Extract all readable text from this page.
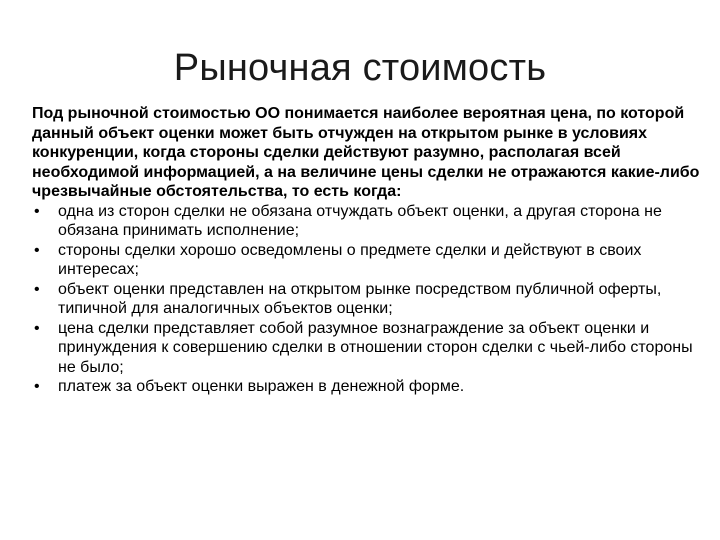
Рыночная стоимость

Под рыночной стоимостью ОО понимается наиболее вероятная цена, по которой данный объект оценки может быть отчужден на открытом рынке в условиях конкуренции, когда стороны сделки действуют разумно, располагая всей необходимой информацией, а на величине цены сделки не отражаются какие-либо чрезвычайные обстоятельства, то есть когда:

•	одна из сторон сделки не обязана отчуждать объект оценки, а другая сторона не обязана принимать исполнение;
•	стороны сделки хорошо осведомлены о предмете сделки и действуют в своих интересах;
•	объект оценки представлен на открытом рынке посредством публичной оферты, типичной для аналогичных объектов оценки;
•	цена сделки представляет собой разумное вознаграждение за объект оценки и принуждения к совершению сделки в отношении сторон сделки с чьей-либо стороны не было;
•	платеж за объект оценки выражен в денежной форме.
